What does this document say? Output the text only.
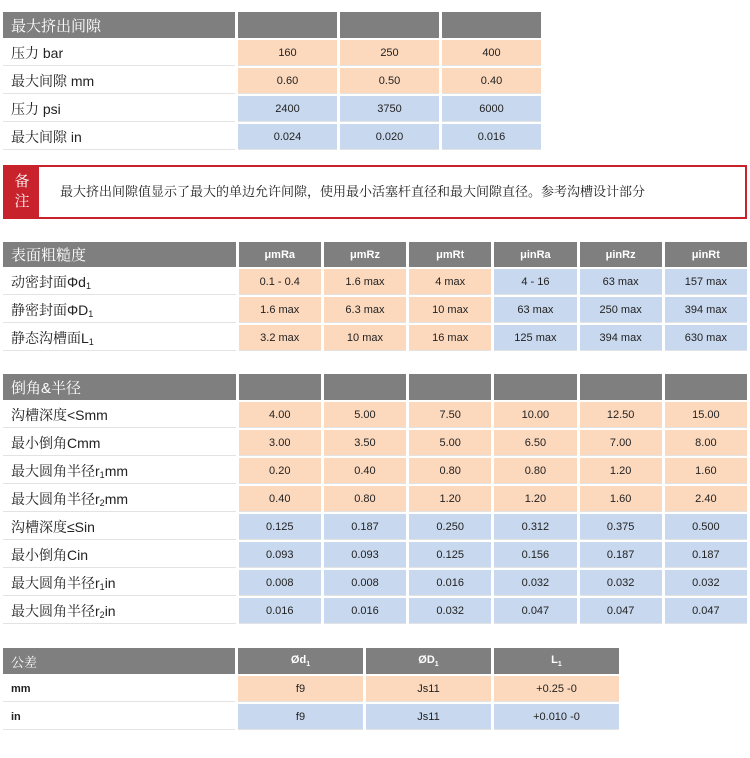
最大挤出间隙			
压力 bar	160	250	400
最大间隙 mm	0.60	0.50	0.40
压力 psi	2400	3750	6000
最大间隙 in	0.024	0.020	0.016
备
注
最大挤出间隙值显示了最大的单边允许间隙，使用最小活塞杆直径和最大间隙直径。参考沟槽设计部分
表面粗糙度	μmRa	μmRz	μmRt	μinRa	μinRz	μinRt
动密封面$\Phi d_1$	0.1 - 0.4	1.6 max	4 max	4 - 16	63 max	157 max
静密封面$\Phi D_1$	1.6 max	6.3 max	10 max	63 max	250 max	394 max
静态沟槽面$L_1$	3.2 max	10 max	16 max	125 max	394 max	630 max
倒角&半径						
沟槽深度<Smm	4.00	5.00	7.50	10.00	12.50	15.00
最小倒角Cmm	3.00	3.50	5.00	6.50	7.00	8.00
最大圆角半径$r_1mm$	0.20	0.40	0.80	0.80	1.20	1.60
最大圆角半径$r_2mm$	0.40	0.80	1.20	1.20	1.60	2.40
沟槽深度≤Sin	0.125	0.187	0.250	0.312	0.375	0.500
最小倒角Cin	0.093	0.093	0.125	0.156	0.187	0.187
最大圆角半径$r_1in$	0.008	0.008	0.016	0.032	0.032	0.032
最大圆角半径$r_2in$	0.016	0.016	0.032	0.047	0.047	0.047
公差	$Ød_1$	$ØD_1$	$L_1$
mm	f9	Js11	+0.25 -0
in	f9	Js11	+0.010 -0
